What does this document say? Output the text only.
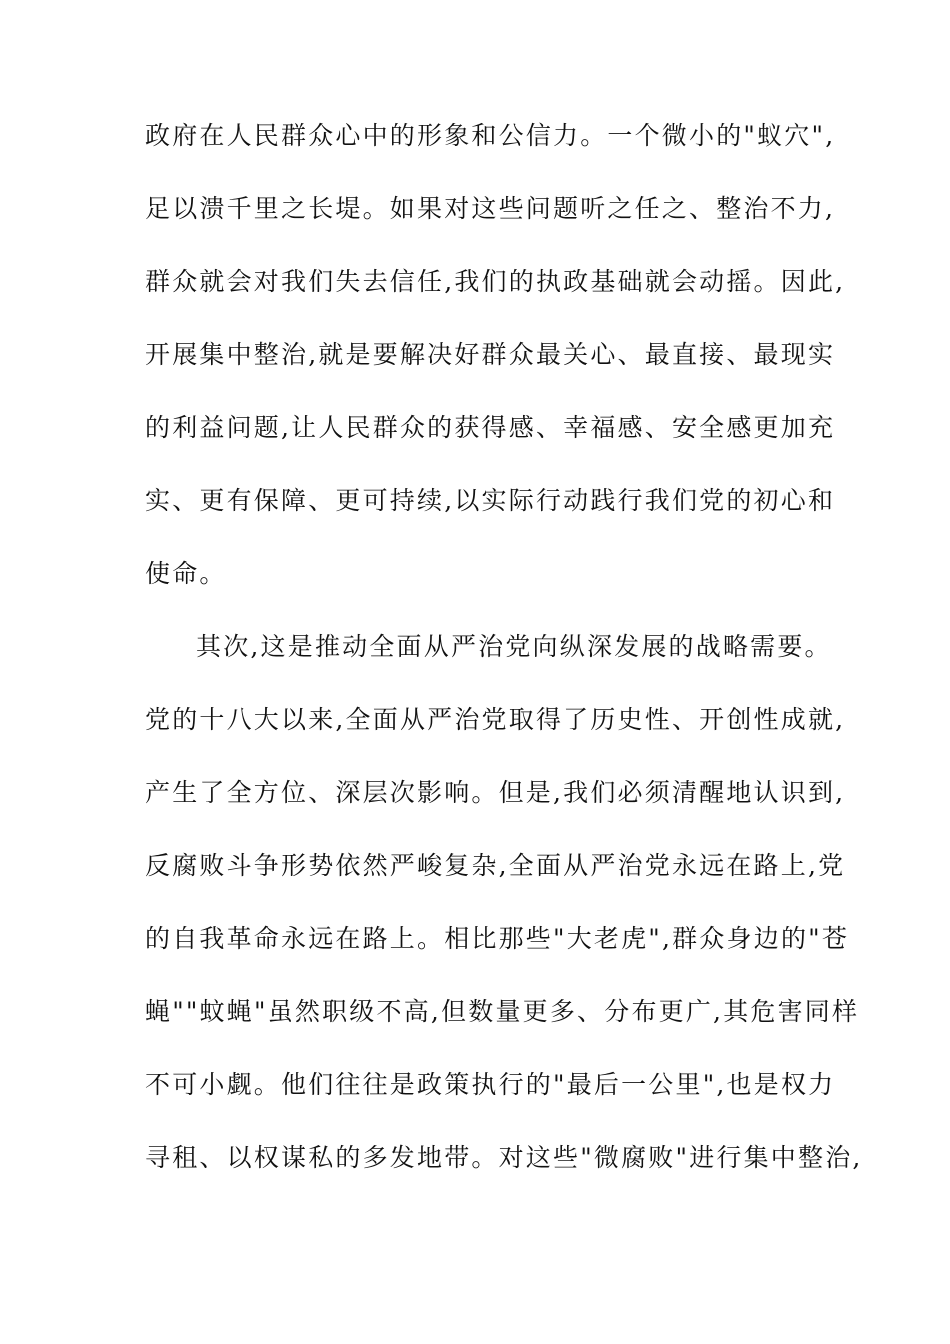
政府在人民群众心中的形象和公信力。一个微小的"蚁穴",
足以溃千里之长堤。如果对这些问题听之任之、整治不力,
群众就会对我们失去信任,我们的执政基础就会动摇。因此,
开展集中整治,就是要解决好群众最关心、最直接、最现实
的利益问题,让人民群众的获得感、幸福感、安全感更加充
实、更有保障、更可持续,以实际行动践行我们党的初心和
使命。
其次,这是推动全面从严治党向纵深发展的战略需要。
党的十八大以来,全面从严治党取得了历史性、开创性成就,
产生了全方位、深层次影响。但是,我们必须清醒地认识到,
反腐败斗争形势依然严峻复杂,全面从严治党永远在路上,党
的自我革命永远在路上。相比那些"大老虎",群众身边的"苍
蝇""蚊蝇"虽然职级不高,但数量更多、分布更广,其危害同样
不可小觑。他们往往是政策执行的"最后一公里",也是权力
寻租、以权谋私的多发地带。对这些"微腐败"进行集中整治,
